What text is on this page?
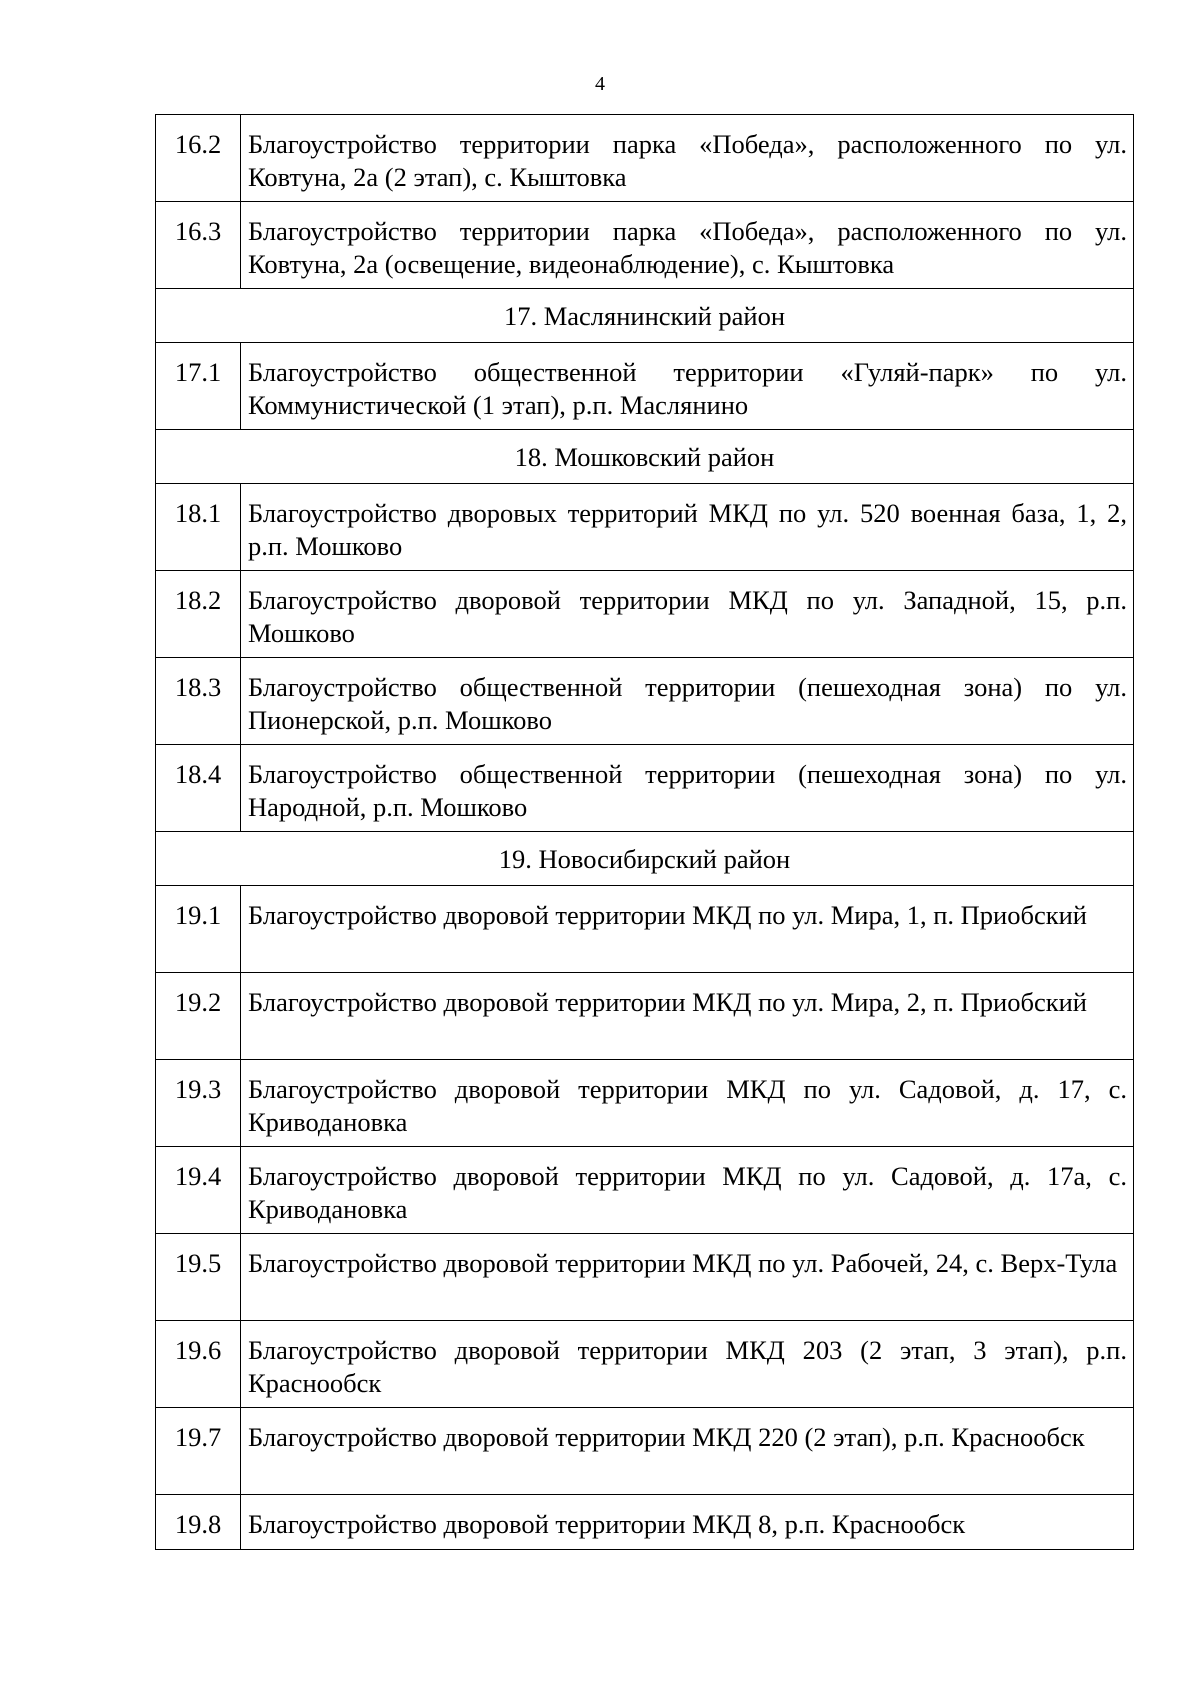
4
16.2	Благоустройство территории парка «Победа», расположенного по ул. Ковтуна, 2а (2 этап), с. Кыштовка
16.3	Благоустройство территории парка «Победа», расположенного по ул. Ковтуна, 2а (освещение, видеонаблюдение), с. Кыштовка
17. Маслянинский район	
17.1	Благоустройство общественной территории «Гуляй-парк» по ул. Коммунистической (1 этап), р.п. Маслянино
18. Мошковский район	
18.1	Благоустройство дворовых территорий МКД по ул. 520 военная база, 1, 2, р.п. Мошково
18.2	Благоустройство дворовой территории МКД по ул. Западной, 15, р.п. Мошково
18.3	Благоустройство общественной территории (пешеходная зона) по ул. Пионерской, р.п. Мошково
18.4	Благоустройство общественной территории (пешеходная зона) по ул. Народной, р.п. Мошково
19. Новосибирский район	
19.1	Благоустройство дворовой территории МКД по ул. Мира, 1, п. Приобский
19.2	Благоустройство дворовой территории МКД по ул. Мира, 2, п. Приобский
19.3	Благоустройство дворовой территории МКД по ул. Садовой, д. 17, с. Криводановка
19.4	Благоустройство дворовой территории МКД по ул. Садовой, д. 17а, с. Криводановка
19.5	Благоустройство дворовой территории МКД по ул. Рабочей, 24, с. Верх-Тула
19.6	Благоустройство дворовой территории МКД 203 (2 этап, 3 этап), р.п. Краснообск
19.7	Благоустройство дворовой территории МКД 220 (2 этап), р.п. Краснообск
19.8	Благоустройство дворовой территории МКД 8, р.п. Краснообск
